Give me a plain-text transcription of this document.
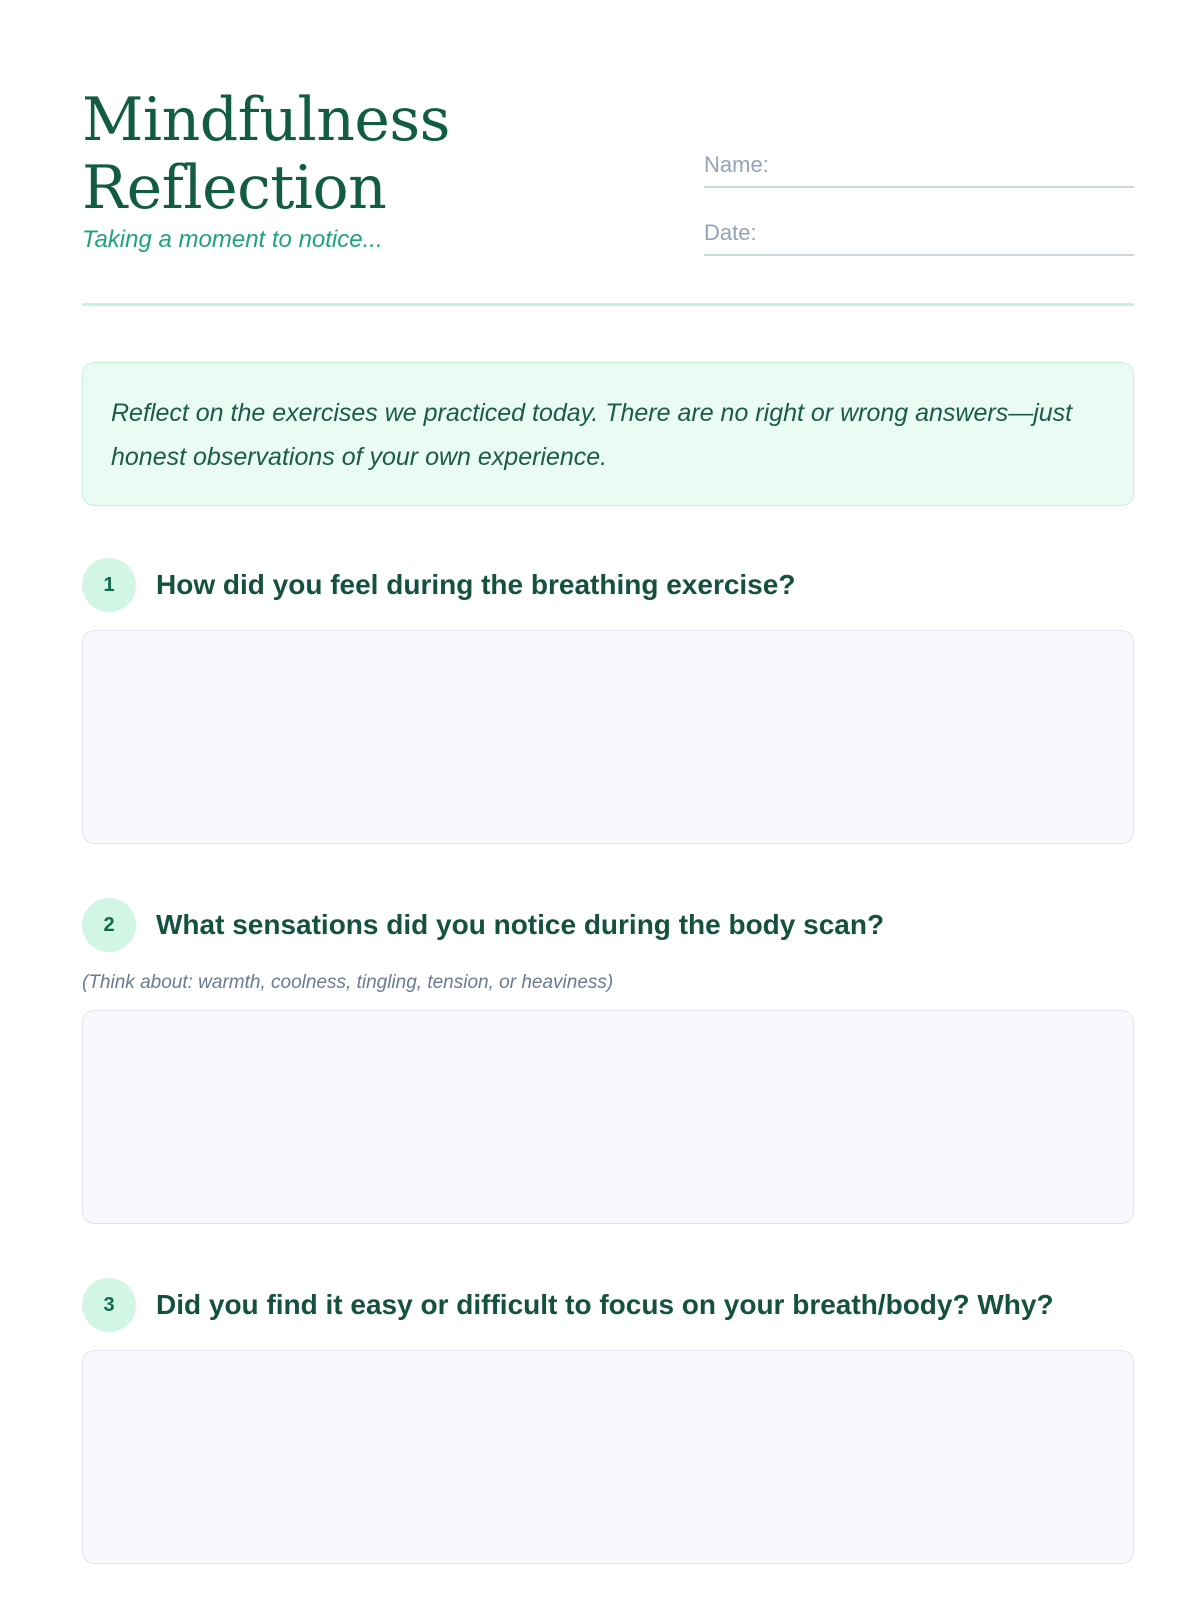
Mindfulness Reflection
Taking a moment to notice...
Name:
Date:

Reflect on the exercises we practiced today. There are no right or wrong answers—just honest observations of your own experience.

1	How did you feel during the breathing exercise?
2	What sensations did you notice during the body scan?
(Think about: warmth, coolness, tingling, tension, or heaviness)
3	Did you find it easy or difficult to focus on your breath/body? Why?
